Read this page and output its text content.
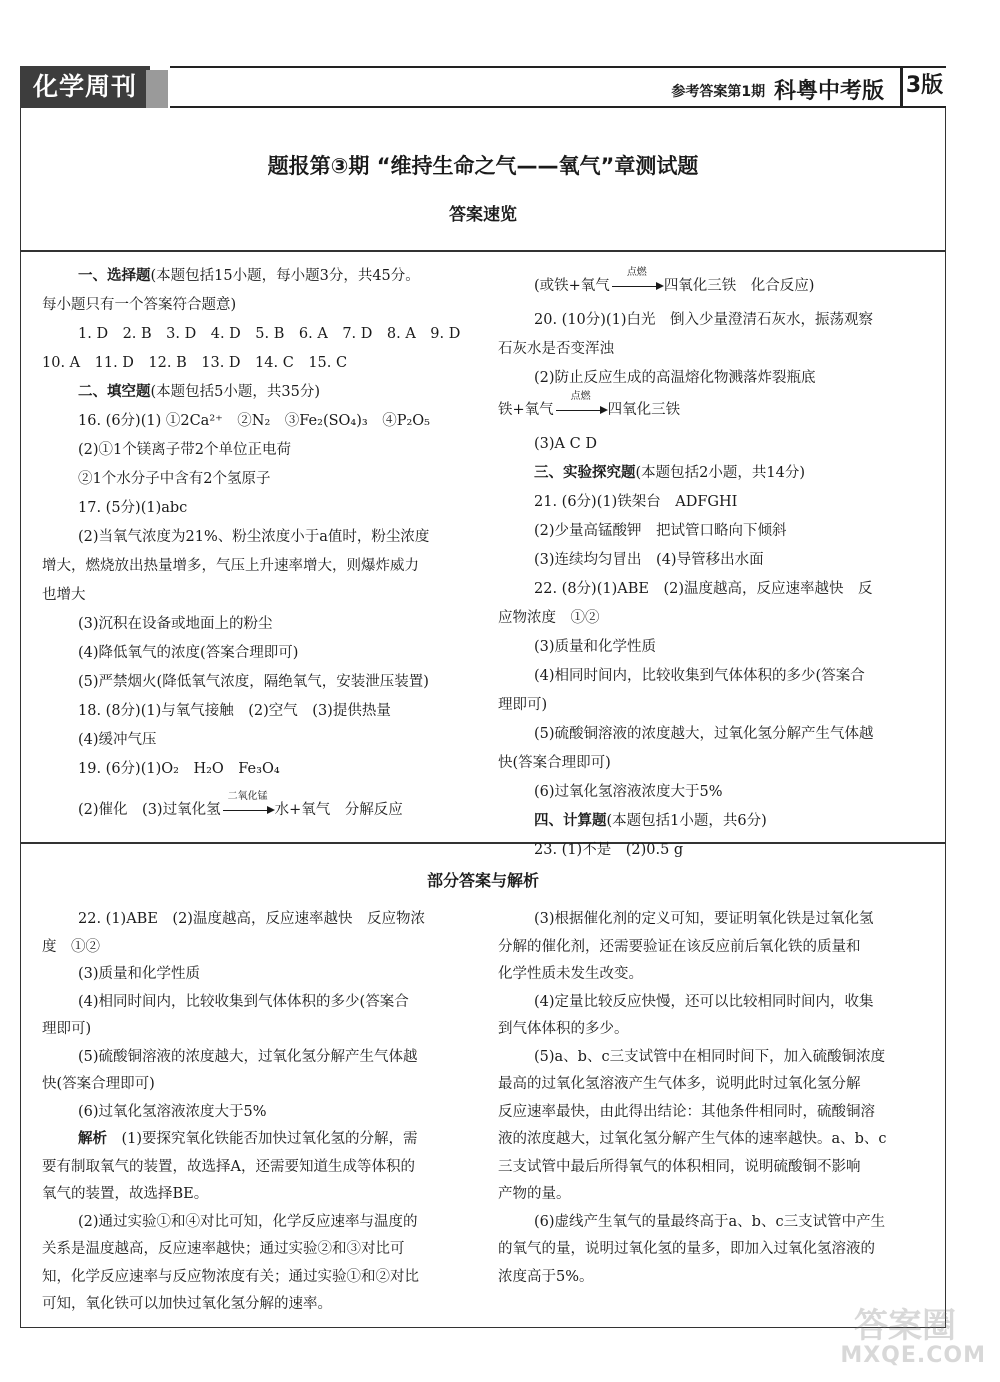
化学周刊	参考答案第1期 科粤中考版 3版
题报第③期 “维持生命之气——氧气”章测试题
答案速览
部分答案与解析

一、选择题(本题包括15小题，每小题3分，共45分。

每小题只有一个答案符合题意)

1. D　2. B　3. D　4. D　5. B　6. A　7. D　8. A　9. D

10. A　11. D　12. B　13. D　14. C　15. C

二、填空题(本题包括5小题，共35分)

16. (6分)(1) ①2Ca²⁺　②N₂　③Fe₂(SO₄)₃　④P₂O₅

(2)①1个镁离子带2个单位正电荷

②1个水分子中含有2个氢原子

17. (5分)(1)abc

(2)当氧气浓度为21%、粉尘浓度小于a值时，粉尘浓度

增大，燃烧放出热量增多，气压上升速率增大，则爆炸威力

也增大

(3)沉积在设备或地面上的粉尘

(4)降低氧气的浓度(答案合理即可)

(5)严禁烟火(降低氧气浓度，隔绝氧气，安装泄压装置)

18. (8分)(1)与氧气接触　(2)空气　(3)提供热量

(4)缓冲气压

19. (6分)(1)O₂　H₂O　Fe₃O₄

(2)催化　(3)过氧化氢
二氧化锰
水+氧气　分解反应

(或铁+氧气
点燃
四氧化三铁　化合反应)

20. (10分)(1)白光　倒入少量澄清石灰水，振荡观察

石灰水是否变浑浊

(2)防止反应生成的高温熔化物溅落炸裂瓶底

铁+氧气
点燃
四氧化三铁

(3)A C D

三、实验探究题(本题包括2小题，共14分)

21. (6分)(1)铁架台　ADFGHI

(2)少量高锰酸钾　把试管口略向下倾斜

(3)连续均匀冒出　(4)导管移出水面

22. (8分)(1)ABE　(2)温度越高，反应速率越快　反

应物浓度　①②

(3)质量和化学性质

(4)相同时间内，比较收集到气体体积的多少(答案合

理即可)

(5)硫酸铜溶液的浓度越大，过氧化氢分解产生气体越

快(答案合理即可)

(6)过氧化氢溶液浓度大于5%

四、计算题(本题包括1小题，共6分)

23. (1)不是　(2)0.5 g

22. (1)ABE　(2)温度越高，反应速率越快　反应物浓

度　①②

(3)质量和化学性质

(4)相同时间内，比较收集到气体体积的多少(答案合

理即可)

(5)硫酸铜溶液的浓度越大，过氧化氢分解产生气体越

快(答案合理即可)

(6)过氧化氢溶液浓度大于5%

解析　(1)要探究氧化铁能否加快过氧化氢的分解，需

要有制取氧气的装置，故选择A，还需要知道生成等体积的

氧气的装置，故选择BE。

(2)通过实验①和④对比可知，化学反应速率与温度的

关系是温度越高，反应速率越快；通过实验②和③对比可

知，化学反应速率与反应物浓度有关；通过实验①和②对比

可知，氧化铁可以加快过氧化氢分解的速率。

(3)根据催化剂的定义可知，要证明氧化铁是过氧化氢

分解的催化剂，还需要验证在该反应前后氧化铁的质量和

化学性质未发生改变。

(4)定量比较反应快慢，还可以比较相同时间内，收集

到气体体积的多少。

(5)a、b、c三支试管中在相同时间下，加入硫酸铜浓度

最高的过氧化氢溶液产生气体多，说明此时过氧化氢分解

反应速率最快，由此得出结论：其他条件相同时，硫酸铜溶

液的浓度越大，过氧化氢分解产生气体的速率越快。a、b、c

三支试管中最后所得氧气的体积相同，说明硫酸铜不影响

产物的量。

(6)虚线产生氧气的量最终高于a、b、c三支试管中产生

的氧气的量，说明过氧化氢的量多，即加入过氧化氢溶液的

浓度高于5%。

答案圈
MXQE.COM
